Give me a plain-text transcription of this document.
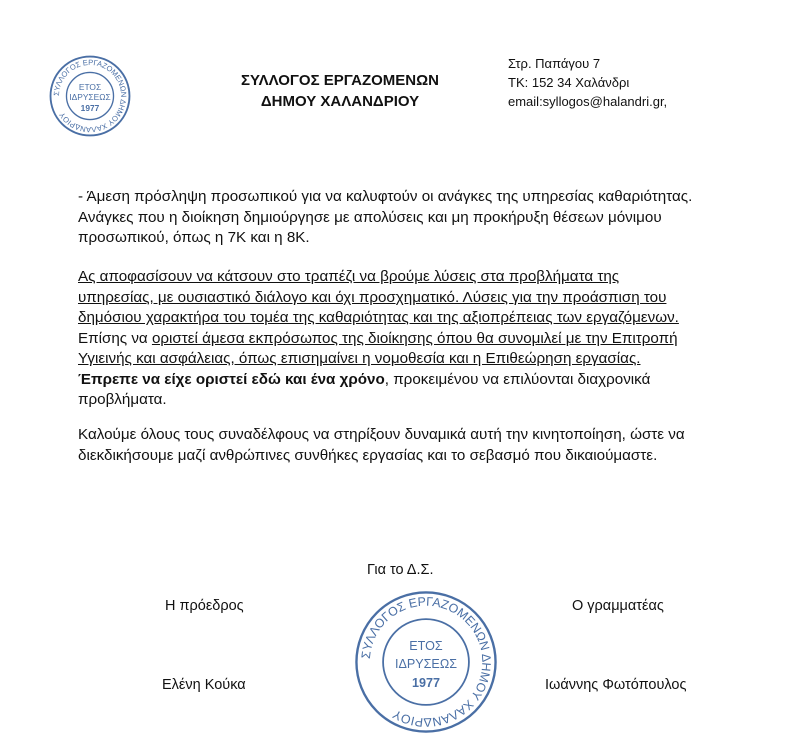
ΣΥΛΛΟΓΟΣ ΕΡΓΑΖΟΜΕΝΩΝ ΔΗΜΟΥ ΧΑΛΑΝΔΡΙΟΥ
ΕΤΟΣ
ΙΔΡΥΣΕΩΣ
1977
ΣΥΛΛΟΓΟΣ ΕΡΓΑΖΟΜΕΝΩΝ
ΔΗΜΟΥ ΧΑΛΑΝΔΡΙΟΥ
Στρ. Παπάγου 7
ΤΚ: 152 34 Χαλάνδρι
email:syllogos@halandri.gr,
- Άμεση πρόσληψη προσωπικού για να καλυφτούν οι ανάγκες της υπηρεσίας καθαριότητας.
Ανάγκες που η διοίκηση δημιούργησε με απολύσεις και μη προκήρυξη θέσεων μόνιμου
προσωπικού, όπως η 7Κ και η 8Κ.
Ας αποφασίσουν να κάτσουν στο τραπέζι να βρούμε λύσεις στα προβλήματα της
υπηρεσίας, με ουσιαστικό διάλογο και όχι προσχηματικό. Λύσεις για την προάσπιση του
δημόσιου χαρακτήρα του τομέα της καθαριότητας και της αξιοπρέπειας των εργαζόμενων.
Επίσης να οριστεί άμεσα εκπρόσωπος της διοίκησης όπου θα συνομιλεί με την Επιτροπή
Υγιεινής και ασφάλειας, όπως επισημαίνει η νομοθεσία και η Επιθεώρηση εργασίας.
Έπρεπε να είχε οριστεί εδώ και ένα χρόνο, προκειμένου να επιλύονται διαχρονικά
προβλήματα.
Καλούμε όλους τους συναδέλφους να στηρίξουν δυναμικά αυτή την κινητοποίηση, ώστε να
διεκδικήσουμε μαζί ανθρώπινες συνθήκες εργασίας και το σεβασμό που δικαιούμαστε.
Για το Δ.Σ.
Η πρόεδρος	Ο γραμματέας
Ελένη Κούκα	Ιωάννης Φωτόπουλος
ΣΥΛΛΟΓΟΣ ΕΡΓΑΖΟΜΕΝΩΝ ΔΗΜΟΥ ΧΑΛΑΝΔΡΙΟΥ
ΕΤΟΣ
ΙΔΡΥΣΕΩΣ
1977
